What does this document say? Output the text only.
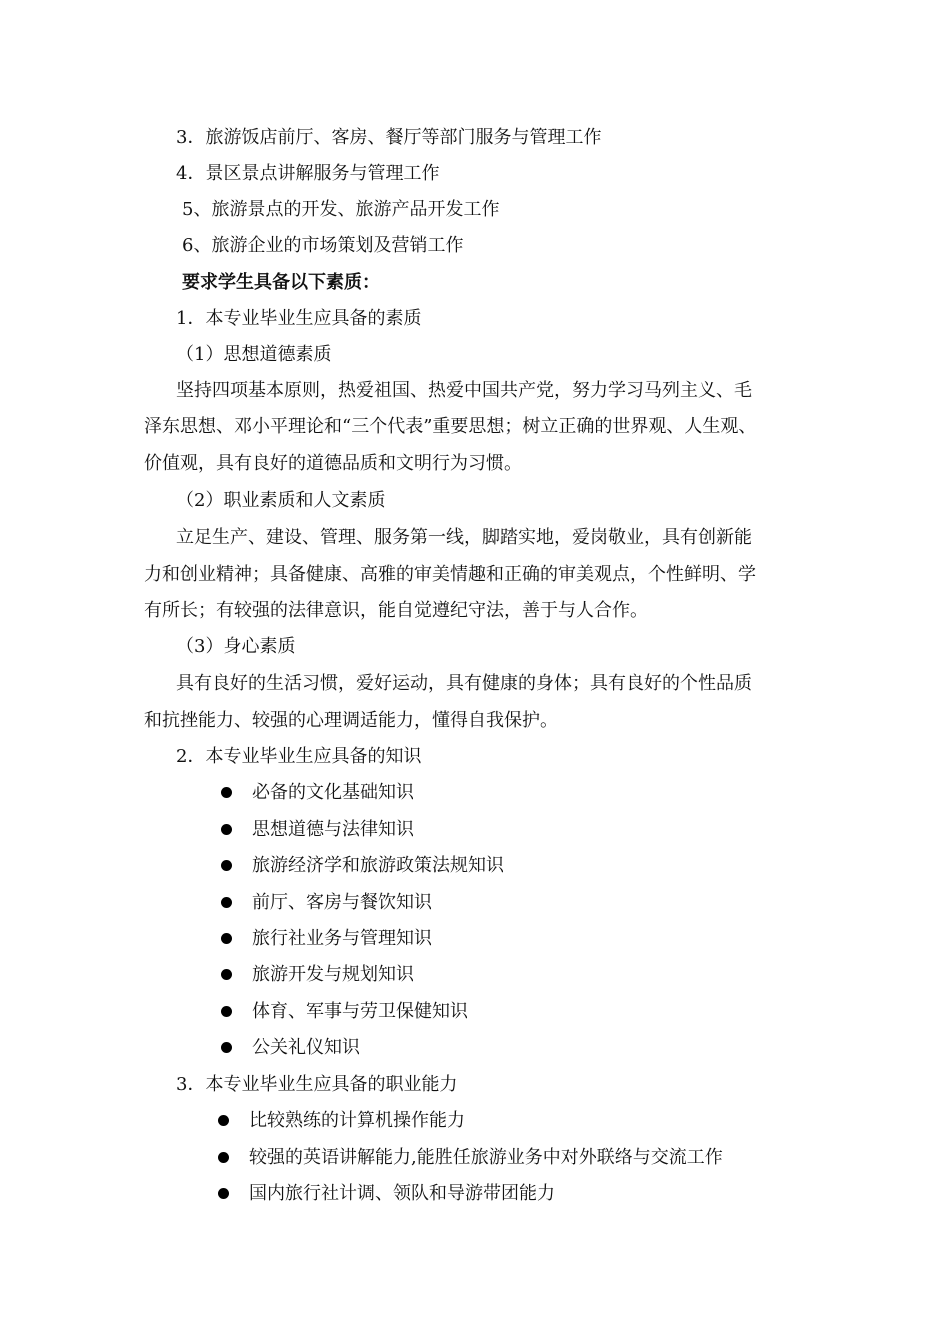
3．旅游饭店前厅、客房、餐厅等部门服务与管理工作
4．景区景点讲解服务与管理工作
5、旅游景点的开发、旅游产品开发工作
6、旅游企业的市场策划及营销工作
要求学生具备以下素质：
1．本专业毕业生应具备的素质
（1）思想道德素质
坚持四项基本原则，热爱祖国、热爱中国共产党，努力学习马列主义、毛
泽东思想、邓小平理论和“三个代表”重要思想；树立正确的世界观、人生观、
价值观，具有良好的道德品质和文明行为习惯。
（2）职业素质和人文素质
立足生产、建设、管理、服务第一线，脚踏实地，爱岗敬业，具有创新能
力和创业精神；具备健康、高雅的审美情趣和正确的审美观点，个性鲜明、学
有所长；有较强的法律意识，能自觉遵纪守法，善于与人合作。
（3）身心素质
具有良好的生活习惯，爱好运动，具有健康的身体；具有良好的个性品质
和抗挫能力、较强的心理调适能力，懂得自我保护。
2．本专业毕业生应具备的知识
必备的文化基础知识
思想道德与法律知识
旅游经济学和旅游政策法规知识
前厅、客房与餐饮知识
旅行社业务与管理知识
旅游开发与规划知识
体育、军事与劳卫保健知识
公关礼仪知识
3．本专业毕业生应具备的职业能力
比较熟练的计算机操作能力
较强的英语讲解能力,能胜任旅游业务中对外联络与交流工作
国内旅行社计调、领队和导游带团能力
